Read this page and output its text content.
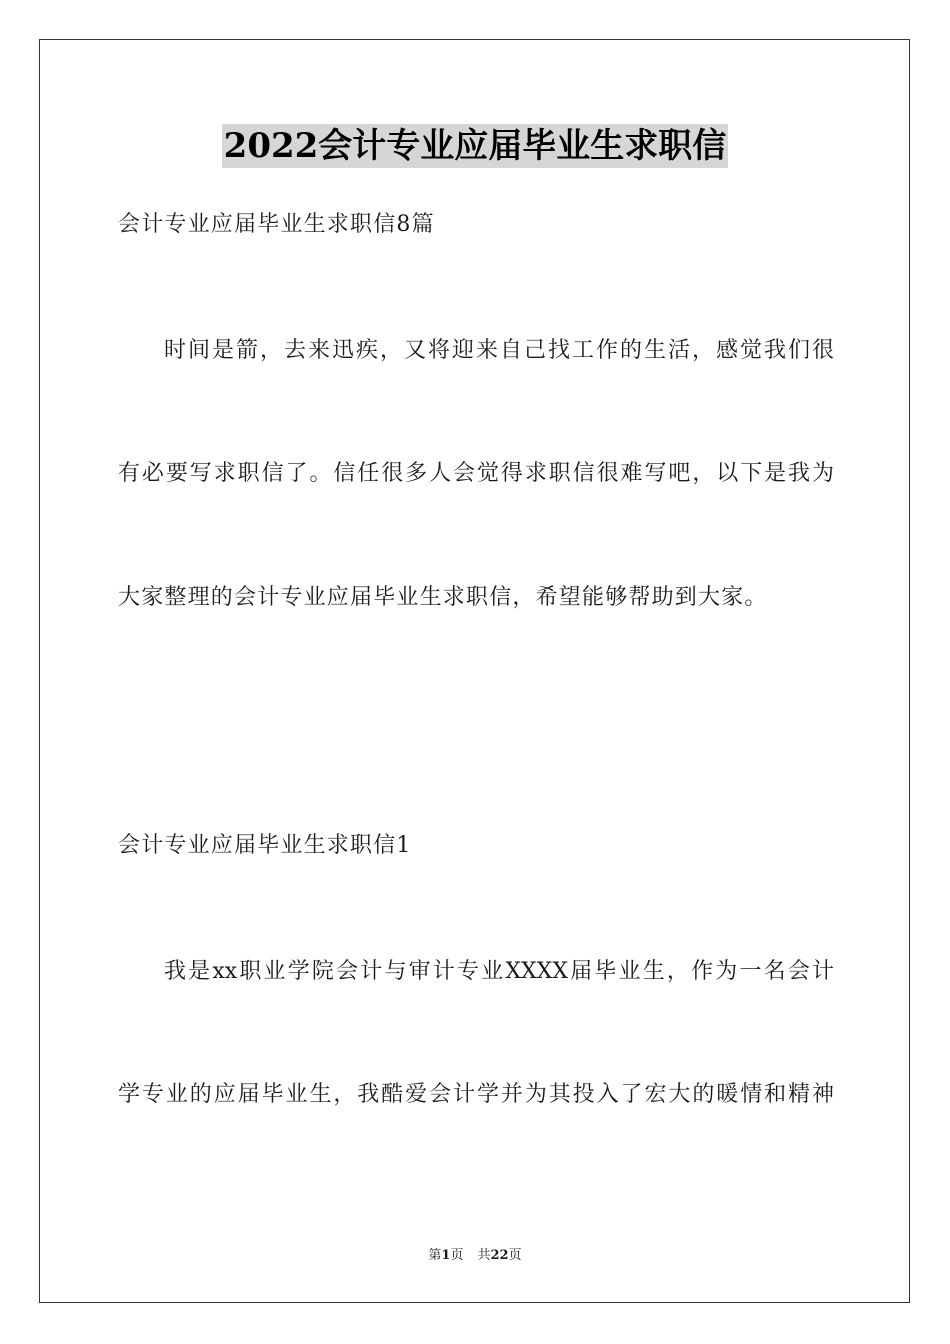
2022会计专业应届毕业生求职信
会计专业应届毕业生求职信8篇
时间是箭，去来迅疾，又将迎来自己找工作的生活，感觉我们很
有必要写求职信了。信任很多人会觉得求职信很难写吧，以下是我为
大家整理的会计专业应届毕业生求职信，希望能够帮助到大家。
会计专业应届毕业生求职信1
我是xx职业学院会计与审计专业XXXX届毕业生，作为一名会计
学专业的应届毕业生，我酷爱会计学并为其投入了宏大的暖情和精神
第1页 共22页
